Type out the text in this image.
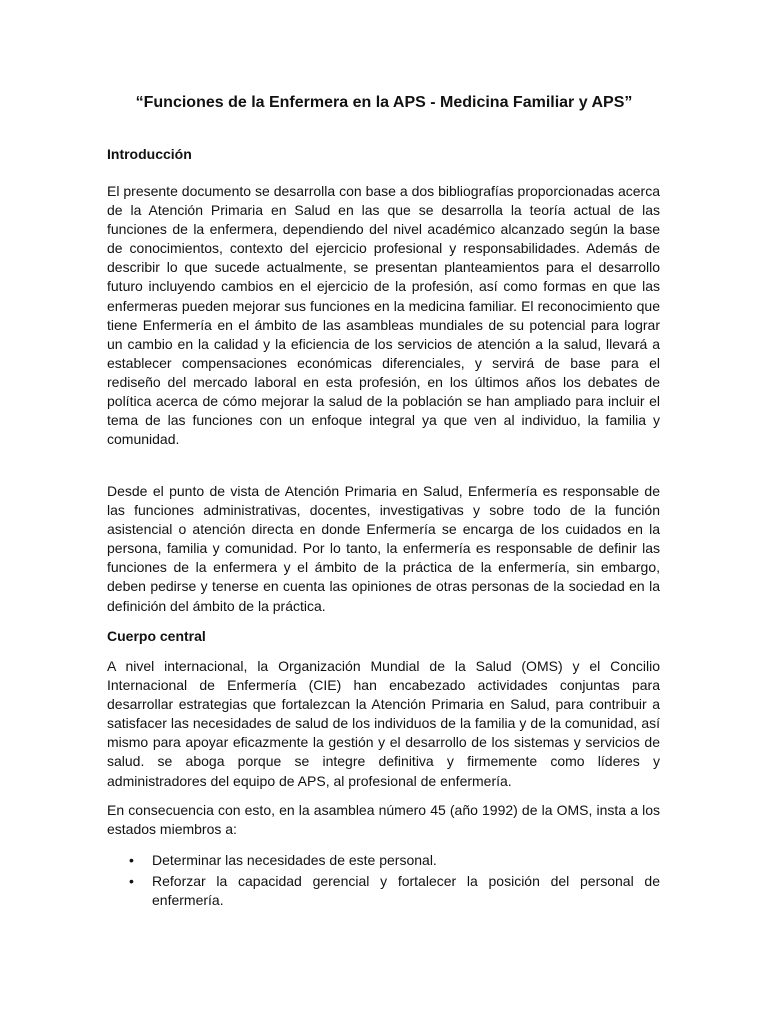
“Funciones de la Enfermera en la APS - Medicina Familiar y APS”
Introducción

El presente documento se desarrolla con base a dos bibliografías proporcionadas acerca de la Atención Primaria en Salud en las que se desarrolla la teoría actual de las funciones de la enfermera, dependiendo del nivel académico alcanzado según la base de conocimientos, contexto del ejercicio profesional y responsabilidades. Además de describir lo que sucede actualmente, se presentan planteamientos para el desarrollo futuro incluyendo cambios en el ejercicio de la profesión, así como formas en que las enfermeras pueden mejorar sus funciones en la medicina familiar. El reconocimiento que tiene Enfermería en el ámbito de las asambleas mundiales de su potencial para lograr un cambio en la calidad y la eficiencia de los servicios de atención a la salud, llevará a establecer compensaciones económicas diferenciales, y servirá de base para el rediseño del mercado laboral en esta profesión, en los últimos años los debates de política acerca de cómo mejorar la salud de la población se han ampliado para incluir el tema de las funciones con un enfoque integral ya que ven al individuo, la familia y comunidad.

Desde el punto de vista de Atención Primaria en Salud, Enfermería es responsable de las funciones administrativas, docentes, investigativas y sobre todo de la función asistencial o atención directa en donde Enfermería se encarga de los cuidados en la persona, familia y comunidad. Por lo tanto, la enfermería es responsable de definir las funciones de la enfermera y el ámbito de la práctica de la enfermería, sin embargo, deben pedirse y tenerse en cuenta las opiniones de otras personas de la sociedad en la definición del ámbito de la práctica.

Cuerpo central

A nivel internacional, la Organización Mundial de la Salud (OMS) y el Concilio Internacional de Enfermería (CIE) han encabezado actividades conjuntas para desarrollar estrategias que fortalezcan la Atención Primaria en Salud, para contribuir a satisfacer las necesidades de salud de los individuos de la familia y de la comunidad, así mismo para apoyar eficazmente la gestión y el desarrollo de los sistemas y servicios de salud. se aboga porque se integre definitiva y firmemente como líderes y administradores del equipo de APS, al profesional de enfermería.

En consecuencia con esto, en la asamblea número 45 (año 1992) de la OMS, insta a los estados miembros a:

• Determinar las necesidades de este personal.
• Reforzar la capacidad gerencial y fortalecer la posición del personal de enfermería.
